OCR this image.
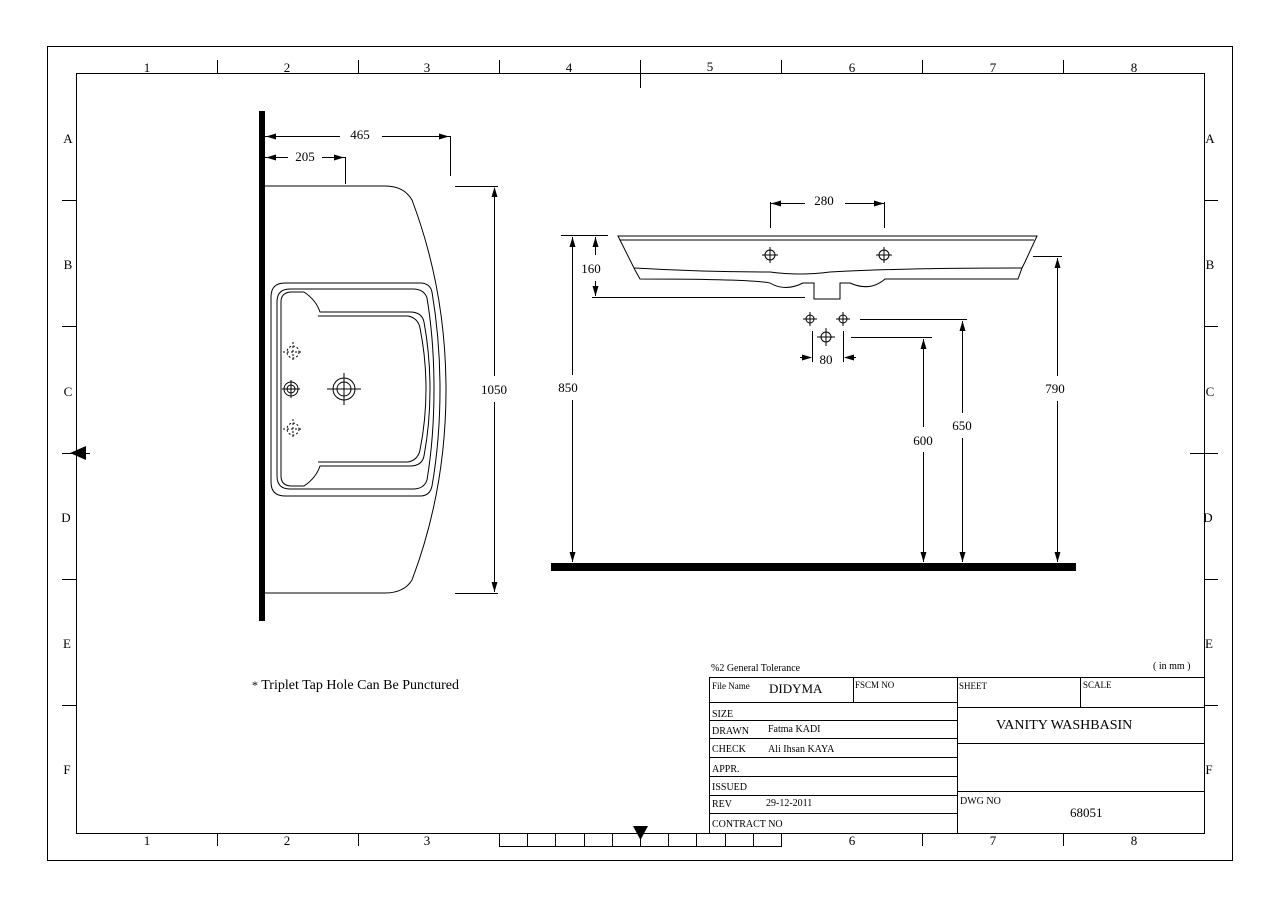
1	2	3	4	5	6	7	8
1	2	3	6	7	8
A
B
C
D
E
F
A
B
C
D
E
F
465
205
1050
280
160
850
80
600
650
790
%2 General Tolerance	( in mm )
File Name DIDYMA	FSCM NO	SHEET	SCALE
VANITY WASHBASIN
SIZE
DRAWN Fatma KADI
CHECK Ali Ihsan KAYA
APPR.
ISSUED
REV	29-12-2011
CONTRACT NO
DWG NO
68051
* Triplet Tap Hole Can Be Punctured
